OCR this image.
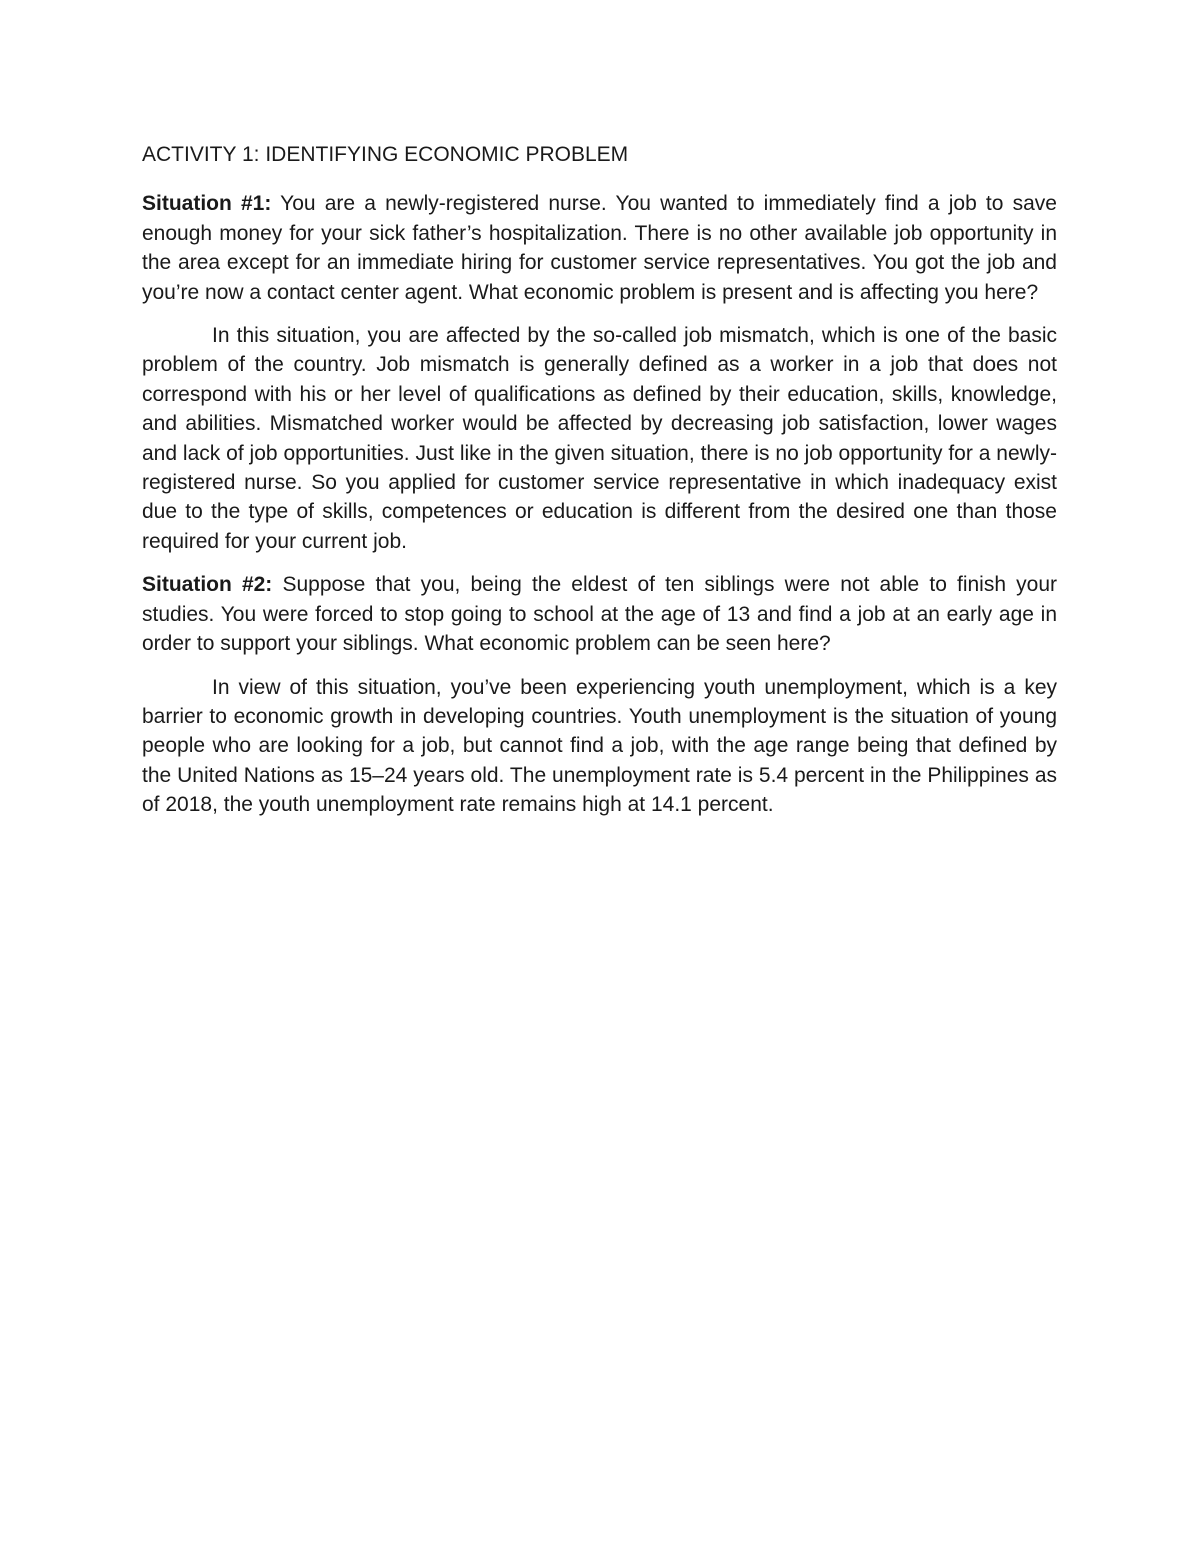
ACTIVITY 1: IDENTIFYING ECONOMIC PROBLEM

Situation #1: You are a newly-registered nurse. You wanted to immediately find a job to save enough money for your sick father’s hospitalization. There is no other available job opportunity in the area except for an immediate hiring for customer service representatives. You got the job and you’re now a contact center agent. What economic problem is present and is affecting you here?

In this situation, you are affected by the so-called job mismatch, which is one of the basic problem of the country. Job mismatch is generally defined as a worker in a job that does not correspond with his or her level of qualifications as defined by their education, skills, knowledge, and abilities. Mismatched worker would be affected by decreasing job satisfaction, lower wages and lack of job opportunities. Just like in the given situation, there is no job opportunity for a newly-registered nurse. So you applied for customer service representative in which inadequacy exist due to the type of skills, competences or education is different from the desired one than those required for your current job.

Situation #2: Suppose that you, being the eldest of ten siblings were not able to finish your studies. You were forced to stop going to school at the age of 13 and find a job at an early age in order to support your siblings. What economic problem can be seen here?

In view of this situation, you’ve been experiencing youth unemployment, which is a key barrier to economic growth in developing countries. Youth unemployment is the situation of young people who are looking for a job, but cannot find a job, with the age range being that defined by the United Nations as 15–24 years old. The unemployment rate is 5.4 percent in the Philippines as of 2018, the youth unemployment rate remains high at 14.1 percent.
